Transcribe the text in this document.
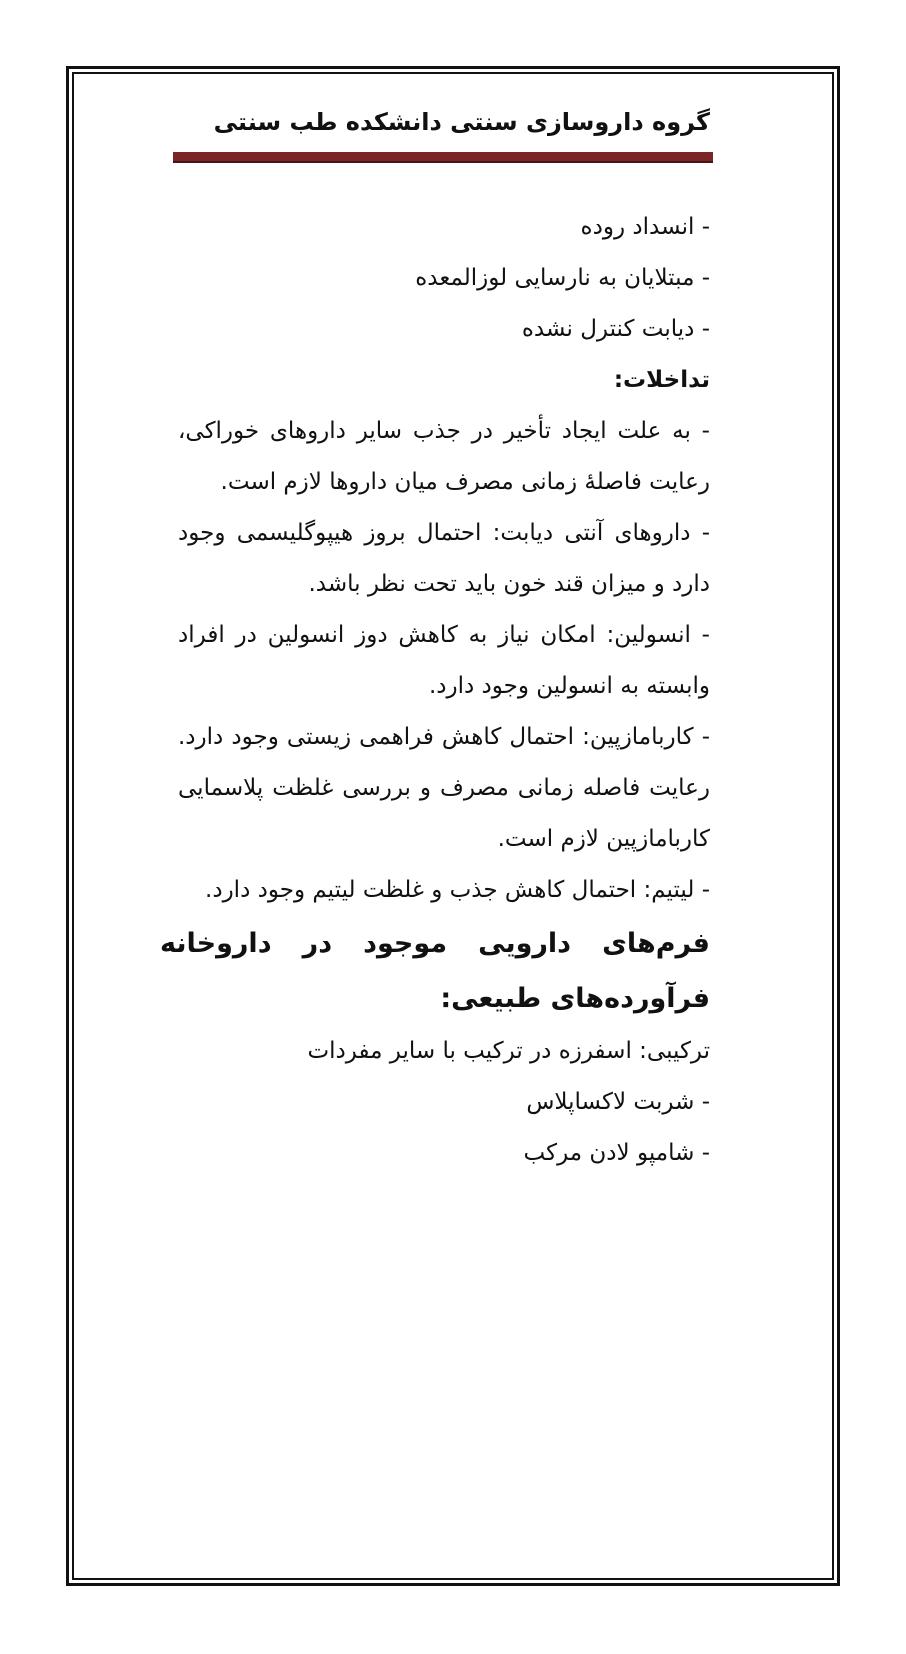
گروه داروسازی سنتی دانشکده طب سنتی

- انسداد روده

- مبتلایان به نارسایی لوزالمعده

- دیابت کنترل نشده

تداخلات:

- به علت ایجاد تأخیر در جذب سایر داروهای خوراکی، رعایت فاصلۀ زمانی مصرف میان داروها لازم است.

- داروهای آنتی دیابت: احتمال بروز هیپوگلیسمی وجود دارد و میزان قند خون باید تحت نظر باشد.

- انسولین: امکان نیاز به کاهش دوز انسولین در افراد وابسته به انسولین وجود دارد.

- کاربامازپین: احتمال کاهش فراهمی زیستی وجود دارد. رعایت فاصله زمانی مصرف و بررسی غلظت پلاسمایی کاربامازپین لازم است.

- لیتیم: احتمال کاهش جذب و غلظت لیتیم وجود دارد.

فرم‌های دارویی موجود در داروخانه فرآورده‌های طبیعی:

ترکیبی: اسفرزه در ترکیب با سایر مفردات

- شربت لاکساپلاس

- شامپو لادن مرکب
